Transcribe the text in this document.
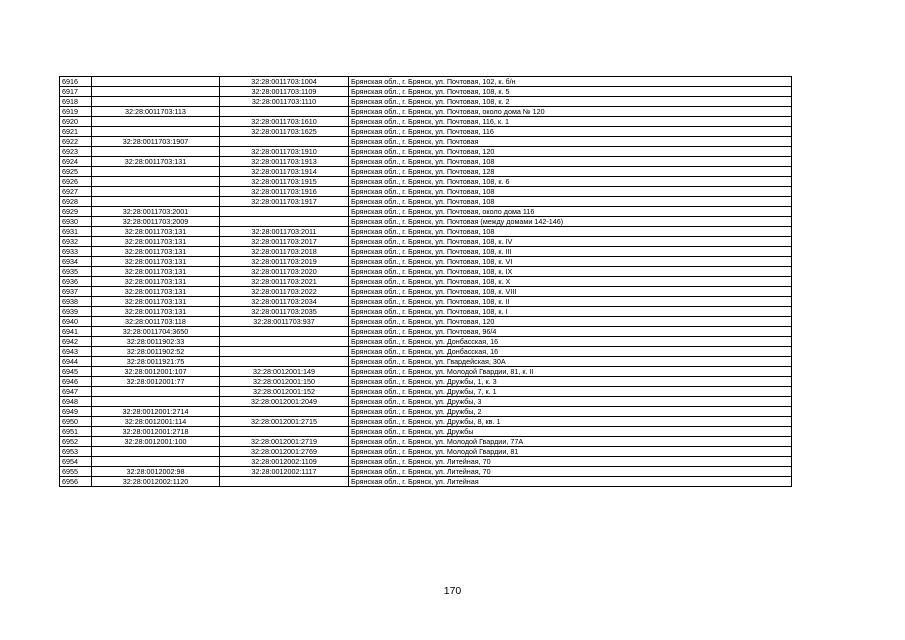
6916		32:28:0011703:1004	Брянская обл., г. Брянск, ул. Почтовая, 102, к. б/н
6917		32:28:0011703:1109	Брянская обл., г. Брянск, ул. Почтовая, 108, к. 5
6918		32:28:0011703:1110	Брянская обл., г. Брянск, ул. Почтовая, 108, к. 2
6919	32:28:0011703:113		Брянская обл., г. Брянск, ул. Почтовая, около дома № 120
6920		32:28:0011703:1610	Брянская обл., г. Брянск, ул. Почтовая, 116, к. 1
6921		32:28:0011703:1625	Брянская обл., г. Брянск, ул. Почтовая, 116
6922	32:28:0011703:1907		Брянская обл., г. Брянск, ул. Почтовая
6923		32:28:0011703:1910	Брянская обл., г. Брянск, ул. Почтовая, 120
6924	32:28:0011703:131	32:28:0011703:1913	Брянская обл., г. Брянск, ул. Почтовая, 108
6925		32:28:0011703:1914	Брянская обл., г. Брянск, ул. Почтовая, 128
6926		32:28:0011703:1915	Брянская обл., г. Брянск, ул. Почтовая, 108, к. 6
6927		32:28:0011703:1916	Брянская обл., г. Брянск, ул. Почтовая, 108
6928		32:28:0011703:1917	Брянская обл., г. Брянск, ул. Почтовая, 108
6929	32:28:0011703:2001		Брянская обл., г. Брянск, ул. Почтовая, около дома 116
6930	32:28:0011703:2009		Брянская обл., г. Брянск, ул. Почтовая (между домами 142-146)
6931	32:28:0011703:131	32:28:0011703:2011	Брянская обл., г. Брянск, ул. Почтовая, 108
6932	32:28:0011703:131	32:28:0011703:2017	Брянская обл., г. Брянск, ул. Почтовая, 108, к. IV
6933	32:28:0011703:131	32:28:0011703:2018	Брянская обл., г. Брянск, ул. Почтовая, 108, к. III
6934	32:28:0011703:131	32:28:0011703:2019	Брянская обл., г. Брянск, ул. Почтовая, 108, к. VI
6935	32:28:0011703:131	32:28:0011703:2020	Брянская обл., г. Брянск, ул. Почтовая, 108, к. IX
6936	32:28:0011703:131	32:28:0011703:2021	Брянская обл., г. Брянск, ул. Почтовая, 108, к. X
6937	32:28:0011703:131	32:28:0011703:2022	Брянская обл., г. Брянск, ул. Почтовая, 108, к. VIII
6938	32:28:0011703:131	32:28:0011703:2034	Брянская обл., г. Брянск, ул. Почтовая, 108, к. II
6939	32:28:0011703:131	32:28:0011703:2035	Брянская обл., г. Брянск, ул. Почтовая, 108, к. I
6940	32:28:0011703:118	32:28:0011703:937	Брянская обл., г. Брянск, ул. Почтовая, 120
6941	32:28:0011704:3650		Брянская обл., г. Брянск, ул. Почтовая, 96/4
6942	32:28:0011902:33		Брянская обл., г. Брянск, ул. Донбасская, 16
6943	32:28:0011902:52		Брянская обл., г. Брянск, ул. Донбасская, 16
6944	32:28:0011921:75		Брянская обл., г. Брянск, ул. Гвардейская, 30А
6945	32:28:0012001:107	32:28:0012001:149	Брянская обл., г. Брянск, ул. Молодой Гвардии, 81, к. II
6946	32:28:0012001:77	32:28:0012001:150	Брянская обл., г. Брянск, ул. Дружбы, 1, к. 3
6947		32:28:0012001:152	Брянская обл., г. Брянск, ул. Дружбы, 7, к. 1
6948		32:28:0012001:2049	Брянская обл., г. Брянск, ул. Дружбы, 3
6949	32:28:0012001:2714		Брянская обл., г. Брянск, ул. Дружбы, 2
6950	32:28:0012001:114	32:28:0012001:2715	Брянская обл., г. Брянск, ул. Дружбы, 8, кв. 1
6951	32:28:0012001:2718		Брянская обл., г. Брянск, ул. Дружбы
6952	32:28:0012001:100	32:28:0012001:2719	Брянская обл., г. Брянск, ул. Молодой Гвардии, 77А
6953		32:28:0012001:2769	Брянская обл., г. Брянск, ул. Молодой Гвардии, 81
6954		32:28:0012002:1109	Брянская обл., г. Брянск, ул. Литейная, 70
6955	32:28:0012002:98	32:28:0012002:1117	Брянская обл., г. Брянск, ул. Литейная, 70
6956	32:28:0012002:1120		Брянская обл., г. Брянск, ул. Литейная
170
